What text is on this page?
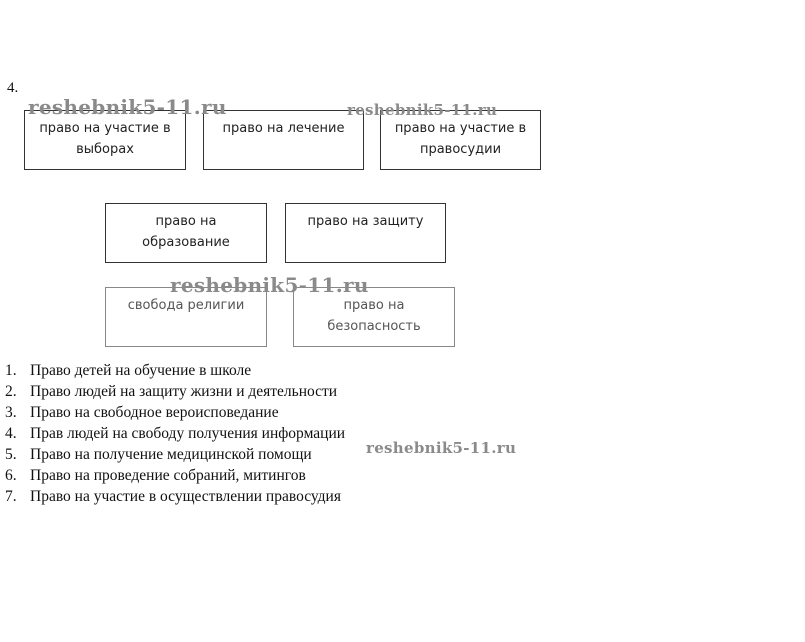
4.
право на участие в выборах
право на лечение	право на участие в правосудии
право на образование
право на защиту
свобода религии	право на безопасность
1. Право детей на обучение в школе
2. Право людей на защиту жизни и деятельности
3. Право на свободное вероисповедание
4. Прав людей на свободу получения информации
5. Право на получение медицинской помощи
6. Право на проведение собраний, митингов
7. Право на участие в осуществлении правосудия
reshebnik5-11.ru	reshebnik5-11.ru
reshebnik5-11.ru
reshebnik5-11.ru
